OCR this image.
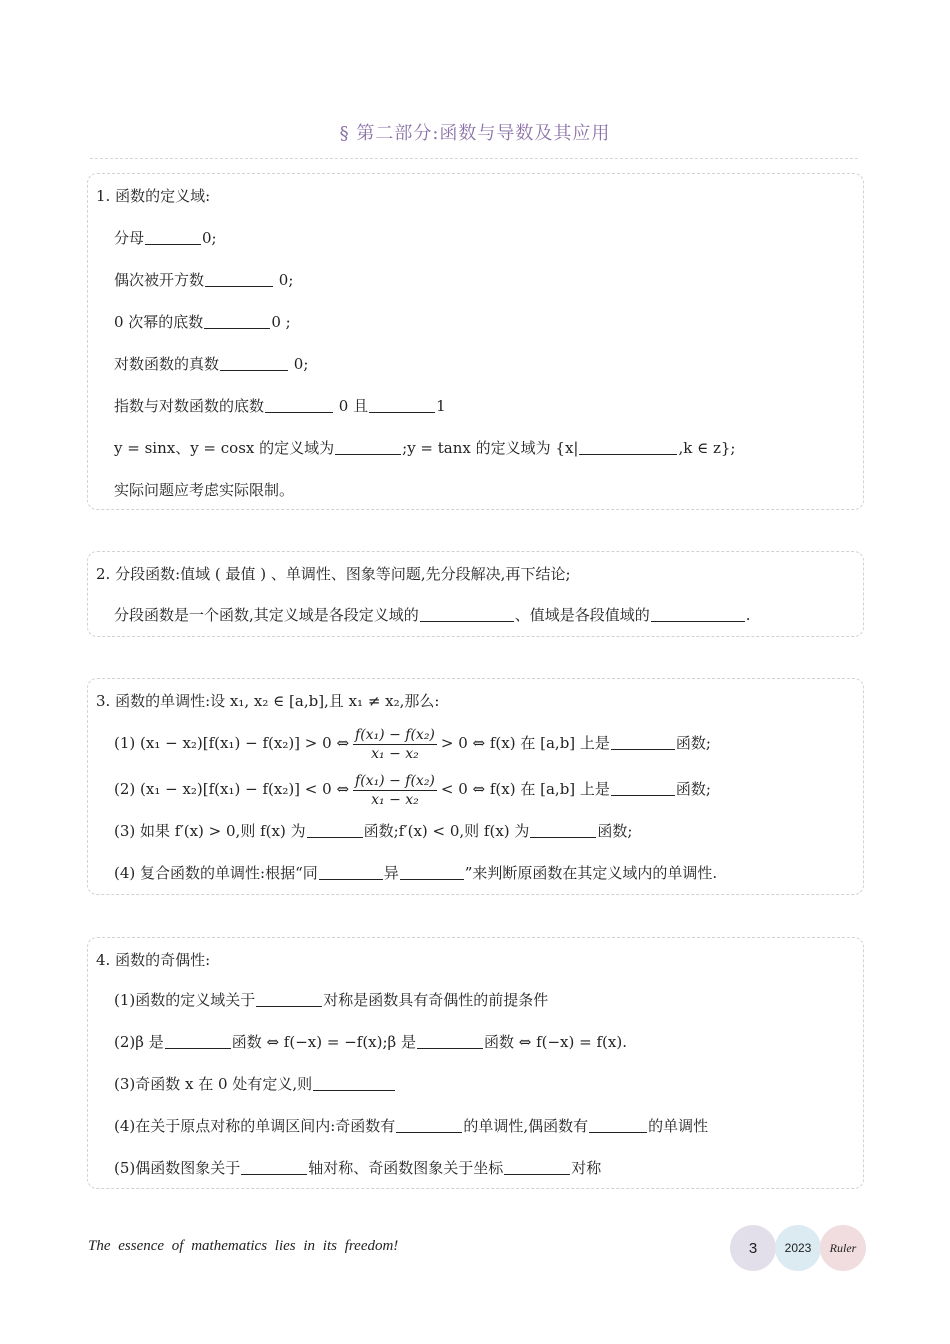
§ 第二部分:函数与导数及其应用
1. 函数的定义域:
分母	0;
偶次被开方数	0;
0 次幂的底数	0 ;
对数函数的真数	0;
指数与对数函数的底数	0 且	1
y = sinx、y = cosx 的定义域为	;y = tanx 的定义域为 {x|	,k ∈ z};
实际问题应考虑实际限制。
2. 分段函数:值域 ( 最值 ) 、单调性、图象等问题,先分段解决,再下结论;
分段函数是一个函数,其定义域是各段定义域的	、值域是各段值域的	.
3. 函数的单调性:设 x₁, x₂ ∈ [a,b],且 x₁ ≠ x₂,那么:
(1) (x₁ − x₂)[f(x₁) − f(x₂)] > 0 ⇔ $\frac{\text{f(x₁) − f(x₂)}}{\text{x₁ − x₂}} > 0$ ⇔ f(x) 在 [a,b] 上是	函数;
(2) (x₁ − x₂)[f(x₁) − f(x₂)] < 0 ⇔ $\frac{\text{f(x₁) − f(x₂)}}{\text{x₁ − x₂}} < 0$ ⇔ f(x) 在 [a,b] 上是	函数;
(3) 如果 f′(x) > 0,则 f(x) 为	函数;f′(x) < 0,则 f(x) 为	函数;
(4) 复合函数的单调性:根据“同	异	”来判断原函数在其定义域内的单调性.
4. 函数的奇偶性:
(1)函数的定义域关于	对称是函数具有奇偶性的前提条件
(2)β 是	函数 ⇔ f(−x) = −f(x);β 是	函数 ⇔ f(−x) = f(x).
(3)奇函数 x 在 0 处有定义,则
(4)在关于原点对称的单调区间内:奇函数有	的单调性,偶函数有	的单调性
(5)偶函数图象关于	轴对称、奇函数图象关于坐标	对称
The essence of mathematics lies in its freedom!	3	2023	Ruler
